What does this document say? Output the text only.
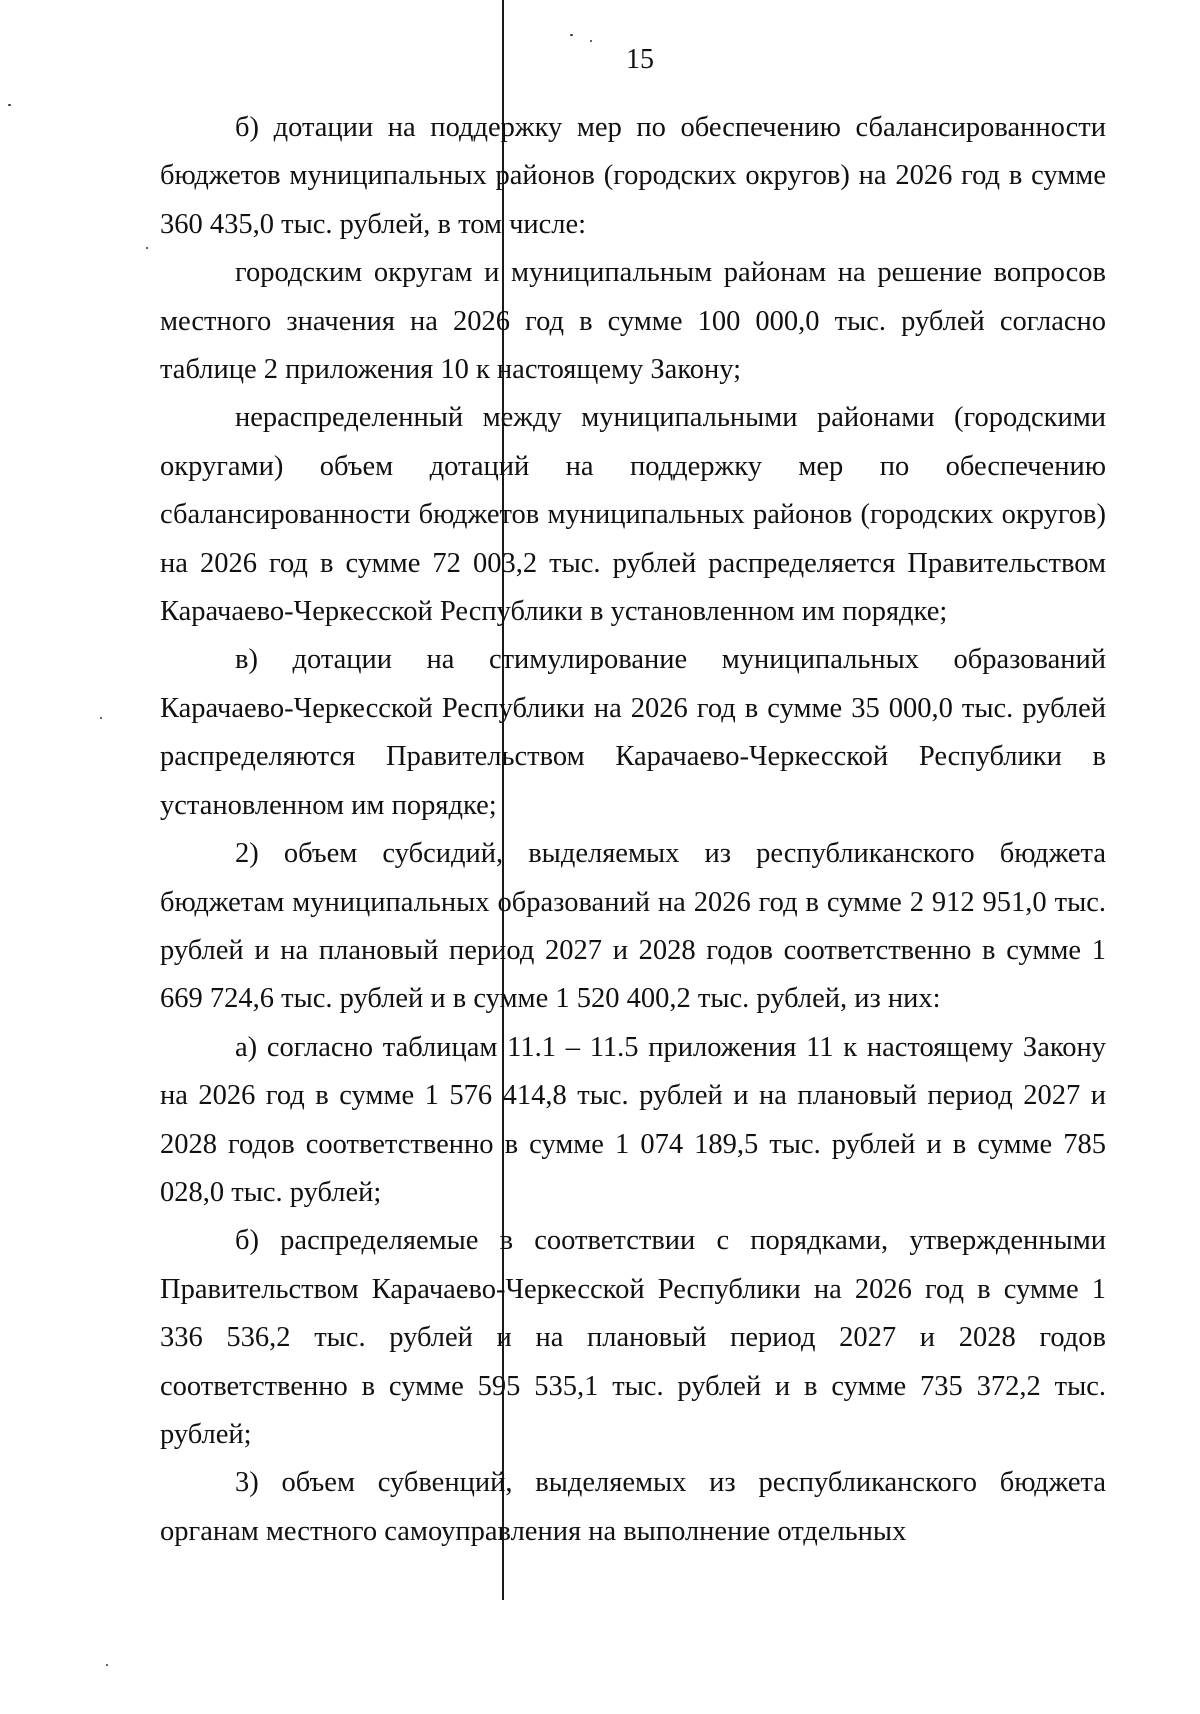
15

б) дотации на поддержку мер по обеспечению сбалансированности бюджетов муниципальных районов (городских округов) на 2026 год в сумме 360 435,0 тыс. рублей, в том числе:

городским округам и муниципальным районам на решение вопросов местного значения на 2026 год в сумме 100 000,0 тыс. рублей согласно таблице 2 приложения 10 к настоящему Закону;

нераспределенный между муниципальными районами (городскими округами) объем дотаций на поддержку мер по обеспечению сбалансированности бюджетов муниципальных районов (городских округов) на 2026 год в сумме 72 003,2 тыс. рублей распределяется Правительством Карачаево-Черкесской Республики в установленном им порядке;

в) дотации на стимулирование муниципальных образований Карачаево-Черкесской Республики на 2026 год в сумме 35 000,0 тыс. рублей распределяются Правительством Карачаево-Черкесской Республики в установленном им порядке;

2) объем субсидий, выделяемых из республиканского бюджета бюджетам муниципальных образований на 2026 год в сумме 2 912 951,0 тыс. рублей и на плановый период 2027 и 2028 годов соответственно в сумме 1 669 724,6 тыс. рублей и в сумме 1 520 400,2 тыс. рублей, из них:

а) согласно таблицам 11.1 – 11.5 приложения 11 к настоящему Закону на 2026 год в сумме 1 576 414,8 тыс. рублей и на плановый период 2027 и 2028 годов соответственно в сумме 1 074 189,5 тыс. рублей и в сумме 785 028,0 тыс. рублей;

б) распределяемые в соответствии с порядками, утвержденными Правительством Карачаево-Черкесской Республики на 2026 год в сумме 1 336 536,2 тыс. рублей и на плановый период 2027 и 2028 годов соответственно в сумме 595 535,1 тыс. рублей и в сумме 735 372,2 тыс. рублей;

3) объем субвенций, выделяемых из республиканского бюджета органам местного самоуправления на выполнение отдельных
